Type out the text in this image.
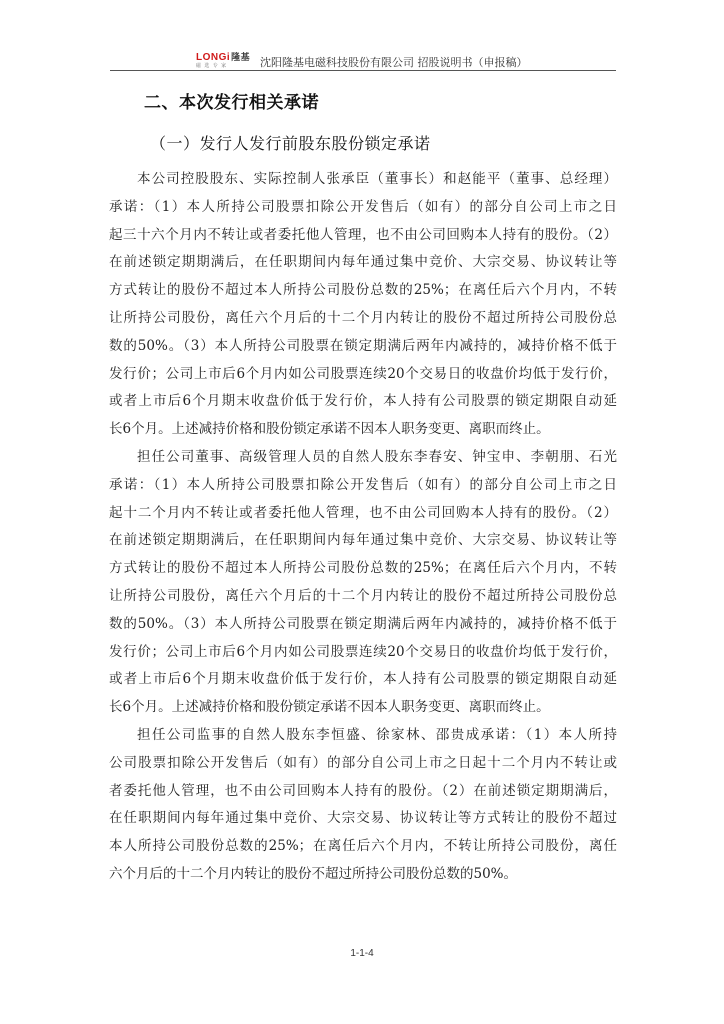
LONGi隆基
磁 选 专 家	沈阳隆基电磁科技股份有限公司 招股说明书（申报稿）
二、本次发行相关承诺
（一）发行人发行前股东股份锁定承诺

本公司控股股东、实际控制人张承臣（董事长）和赵能平（董事、总经理）

承诺：（1）本人所持公司股票扣除公开发售后（如有）的部分自公司上市之日

起三十六个月内不转让或者委托他人管理，也不由公司回购本人持有的股份。（2）

在前述锁定期期满后，在任职期间内每年通过集中竞价、大宗交易、协议转让等

方式转让的股份不超过本人所持公司股份总数的25%；在离任后六个月内，不转

让所持公司股份，离任六个月后的十二个月内转让的股份不超过所持公司股份总

数的50%。（3）本人所持公司股票在锁定期满后两年内减持的，减持价格不低于

发行价；公司上市后6个月内如公司股票连续20个交易日的收盘价均低于发行价，

或者上市后6个月期末收盘价低于发行价，本人持有公司股票的锁定期限自动延

长6个月。上述减持价格和股份锁定承诺不因本人职务变更、离职而终止。

担任公司董事、高级管理人员的自然人股东李春安、钟宝申、李朝朋、石光

承诺：（1）本人所持公司股票扣除公开发售后（如有）的部分自公司上市之日

起十二个月内不转让或者委托他人管理，也不由公司回购本人持有的股份。（2）

在前述锁定期期满后，在任职期间内每年通过集中竞价、大宗交易、协议转让等

方式转让的股份不超过本人所持公司股份总数的25%；在离任后六个月内，不转

让所持公司股份，离任六个月后的十二个月内转让的股份不超过所持公司股份总

数的50%。（3）本人所持公司股票在锁定期满后两年内减持的，减持价格不低于

发行价；公司上市后6个月内如公司股票连续20个交易日的收盘价均低于发行价，

或者上市后6个月期末收盘价低于发行价，本人持有公司股票的锁定期限自动延

长6个月。上述减持价格和股份锁定承诺不因本人职务变更、离职而终止。

担任公司监事的自然人股东李恒盛、徐家林、邵贵成承诺：（1）本人所持

公司股票扣除公开发售后（如有）的部分自公司上市之日起十二个月内不转让或

者委托他人管理，也不由公司回购本人持有的股份。（2）在前述锁定期期满后，

在任职期间内每年通过集中竞价、大宗交易、协议转让等方式转让的股份不超过

本人所持公司股份总数的25%；在离任后六个月内，不转让所持公司股份，离任

六个月后的十二个月内转让的股份不超过所持公司股份总数的50%。

1-1-4
